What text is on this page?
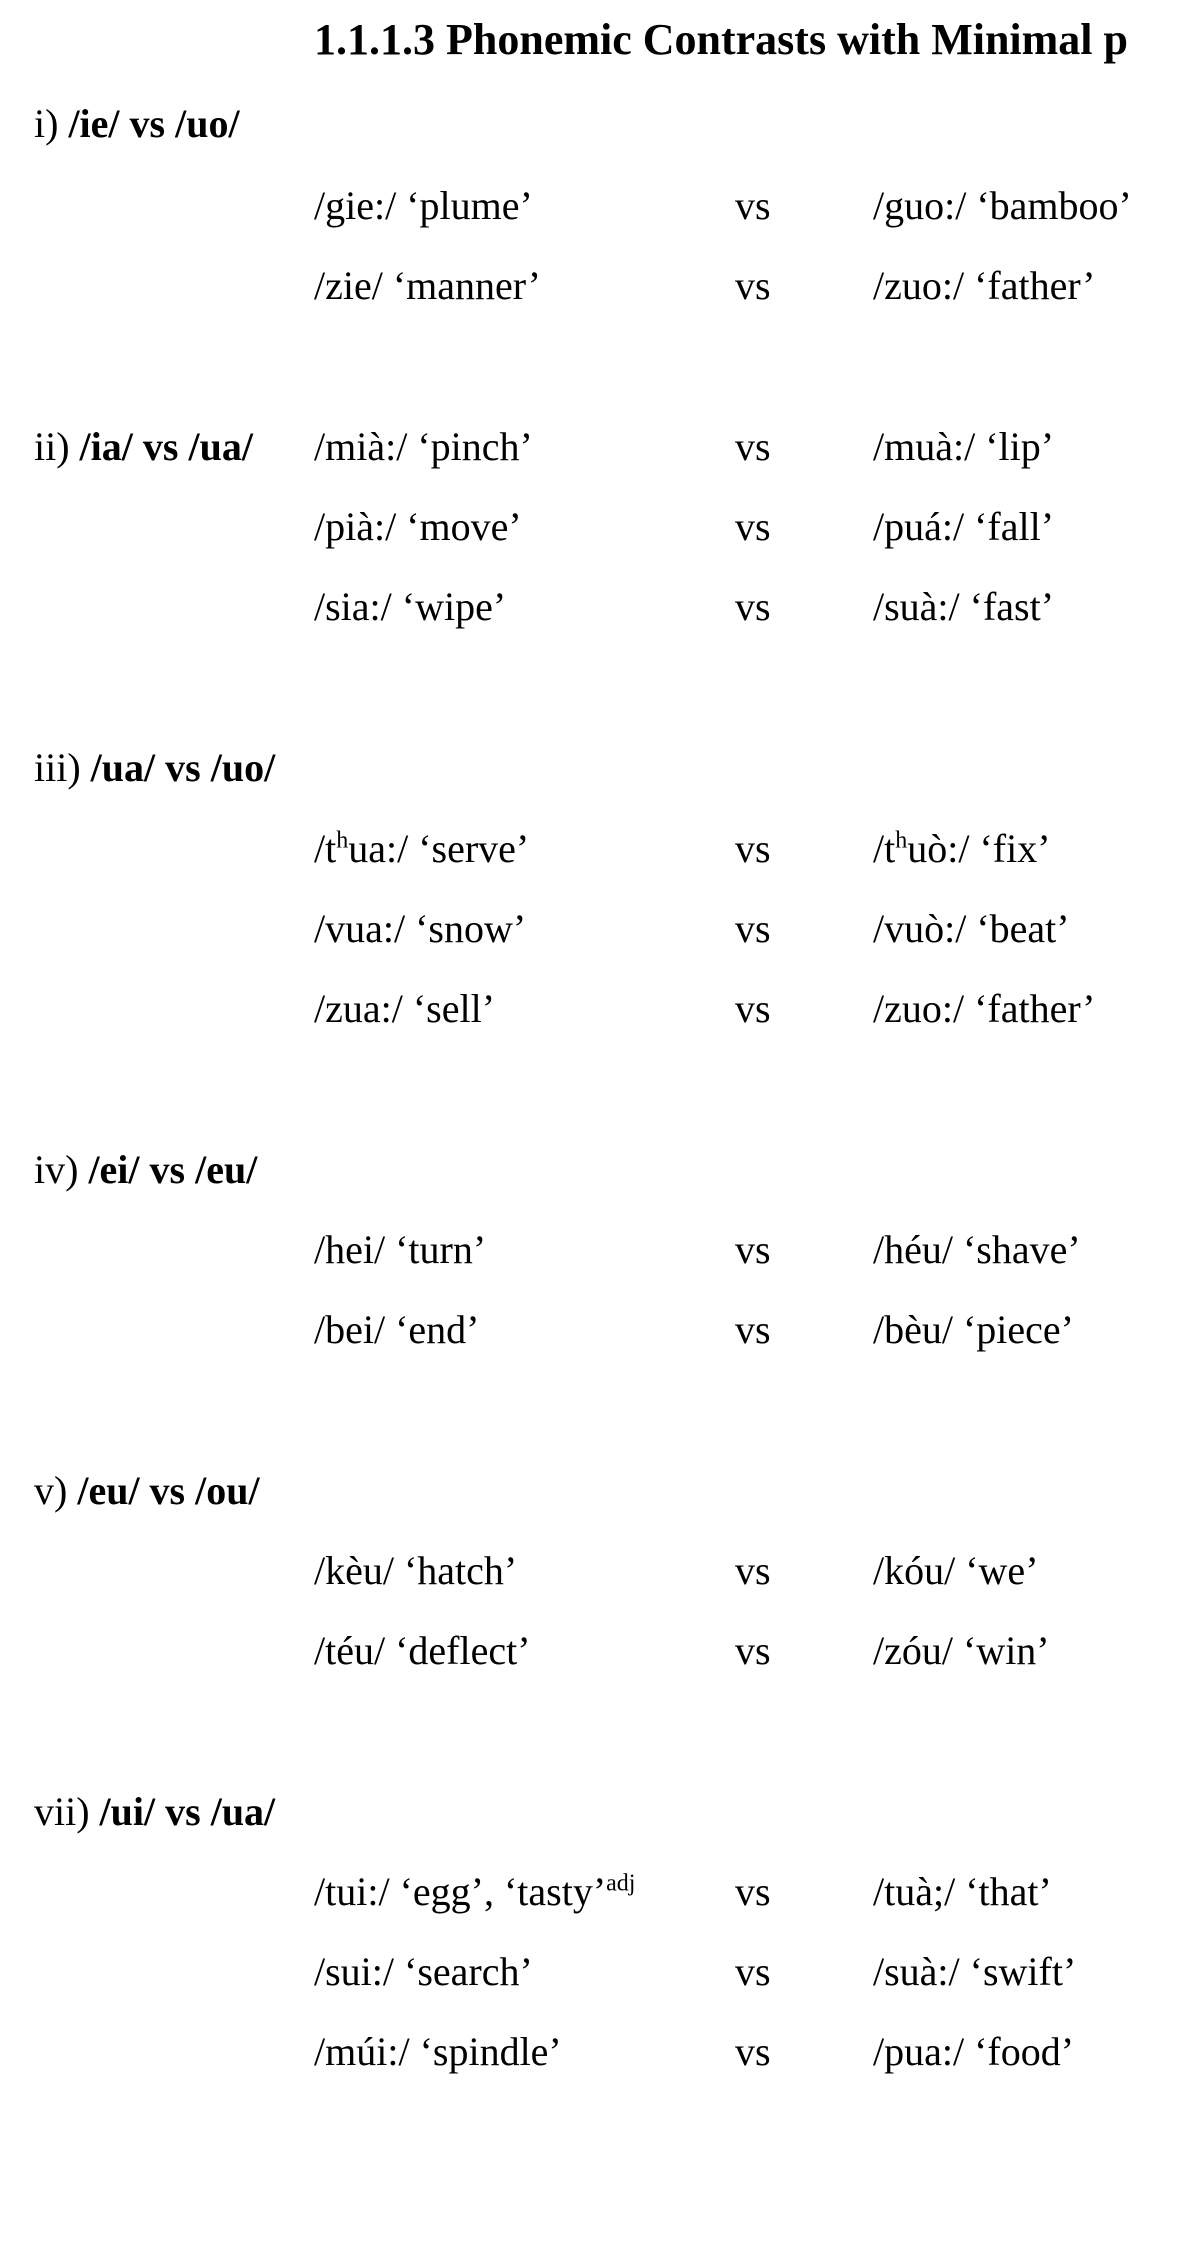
1.1.1.3 Phonemic Contrasts with Minimal p
i) /ie/ vs /uo/
/gie:/ ‘plume’	vs	/guo:/ ‘bamboo’
/zie/ ‘manner’	vs	/zuo:/ ‘father’
ii) /ia/ vs /ua/ /mià:/ ‘pinch’	vs	/muà:/ ‘lip’
/pià:/ ‘move’	vs	/puá:/ ‘fall’
/sia:/ ‘wipe’	vs	/suà:/ ‘fast’
iii) /ua/ vs /uo/
$/t^hua:/$ ‘serve’	vs	$/t^huò:/$ ‘fix’
/vua:/ ‘snow’	vs	/vuò:/ ‘beat’
/zua:/ ‘sell’	vs	/zuo:/ ‘father’
iv) /ei/ vs /eu/
/hei/ ‘turn’	vs	/héu/ ‘shave’
/bei/ ‘end’	vs	/bèu/ ‘piece’
v) /eu/ vs /ou/
/kèu/ ‘hatch’	vs	/kóu/ ‘we’
/téu/ ‘deflect’	vs	/zóu/ ‘win’
vii) /ui/ vs /ua/
/tui:/ ‘egg’, ‘tasty’$^{adj}$ vs	/tuà;/ ‘that’
/sui:/ ‘search’	vs	/suà:/ ‘swift’
/múi:/ ‘spindle’	vs	/pua:/ ‘food’
